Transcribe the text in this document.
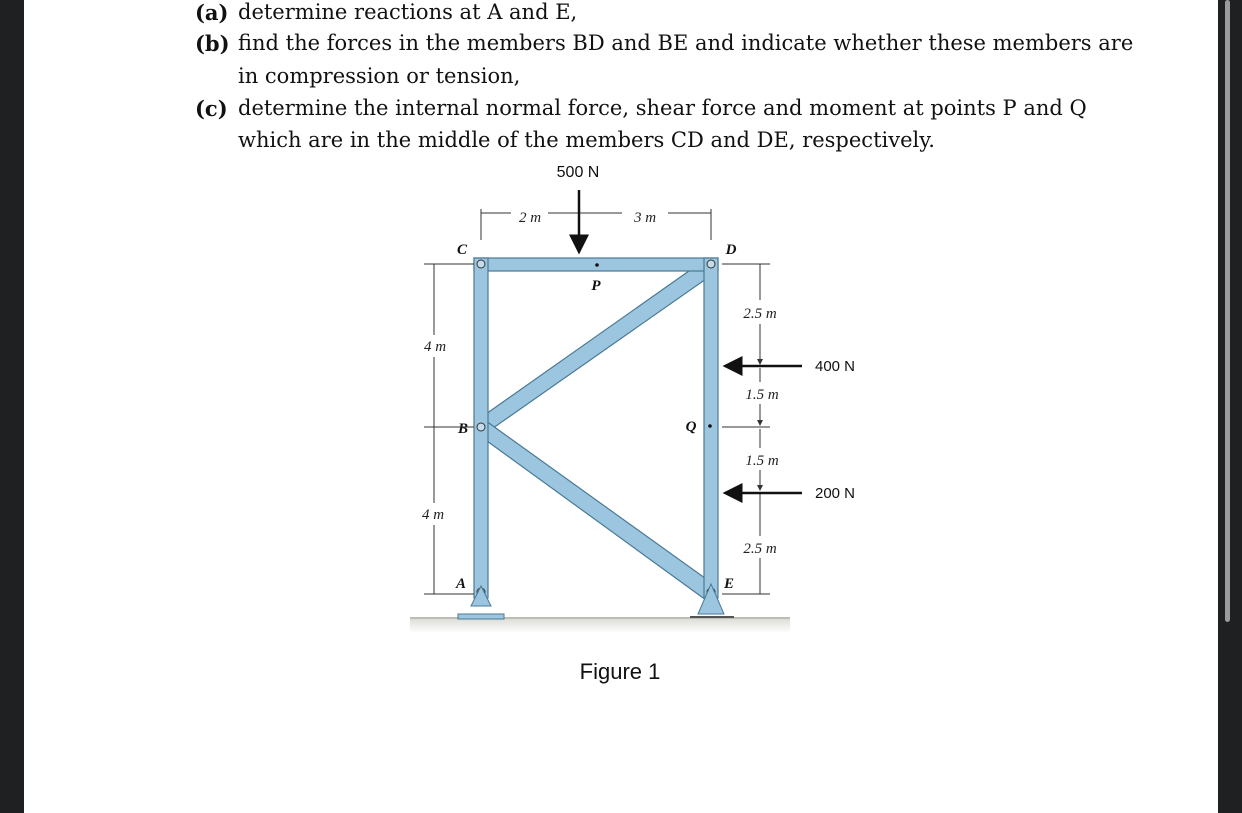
(a) determine reactions at A and E,
(b) find the forces in the members BD and BE and indicate whether these members are
in compression or tension,
(c) determine the internal normal force, shear force and moment at points P and Q
which are in the middle of the members CD and DE, respectively.
2 m	3 m
500 N
P
C	D
B
A	E
Q
4 m
4 m
2.5 m
1.5 m
1.5 m
2.5 m
400 N
200 N
Figure 1
